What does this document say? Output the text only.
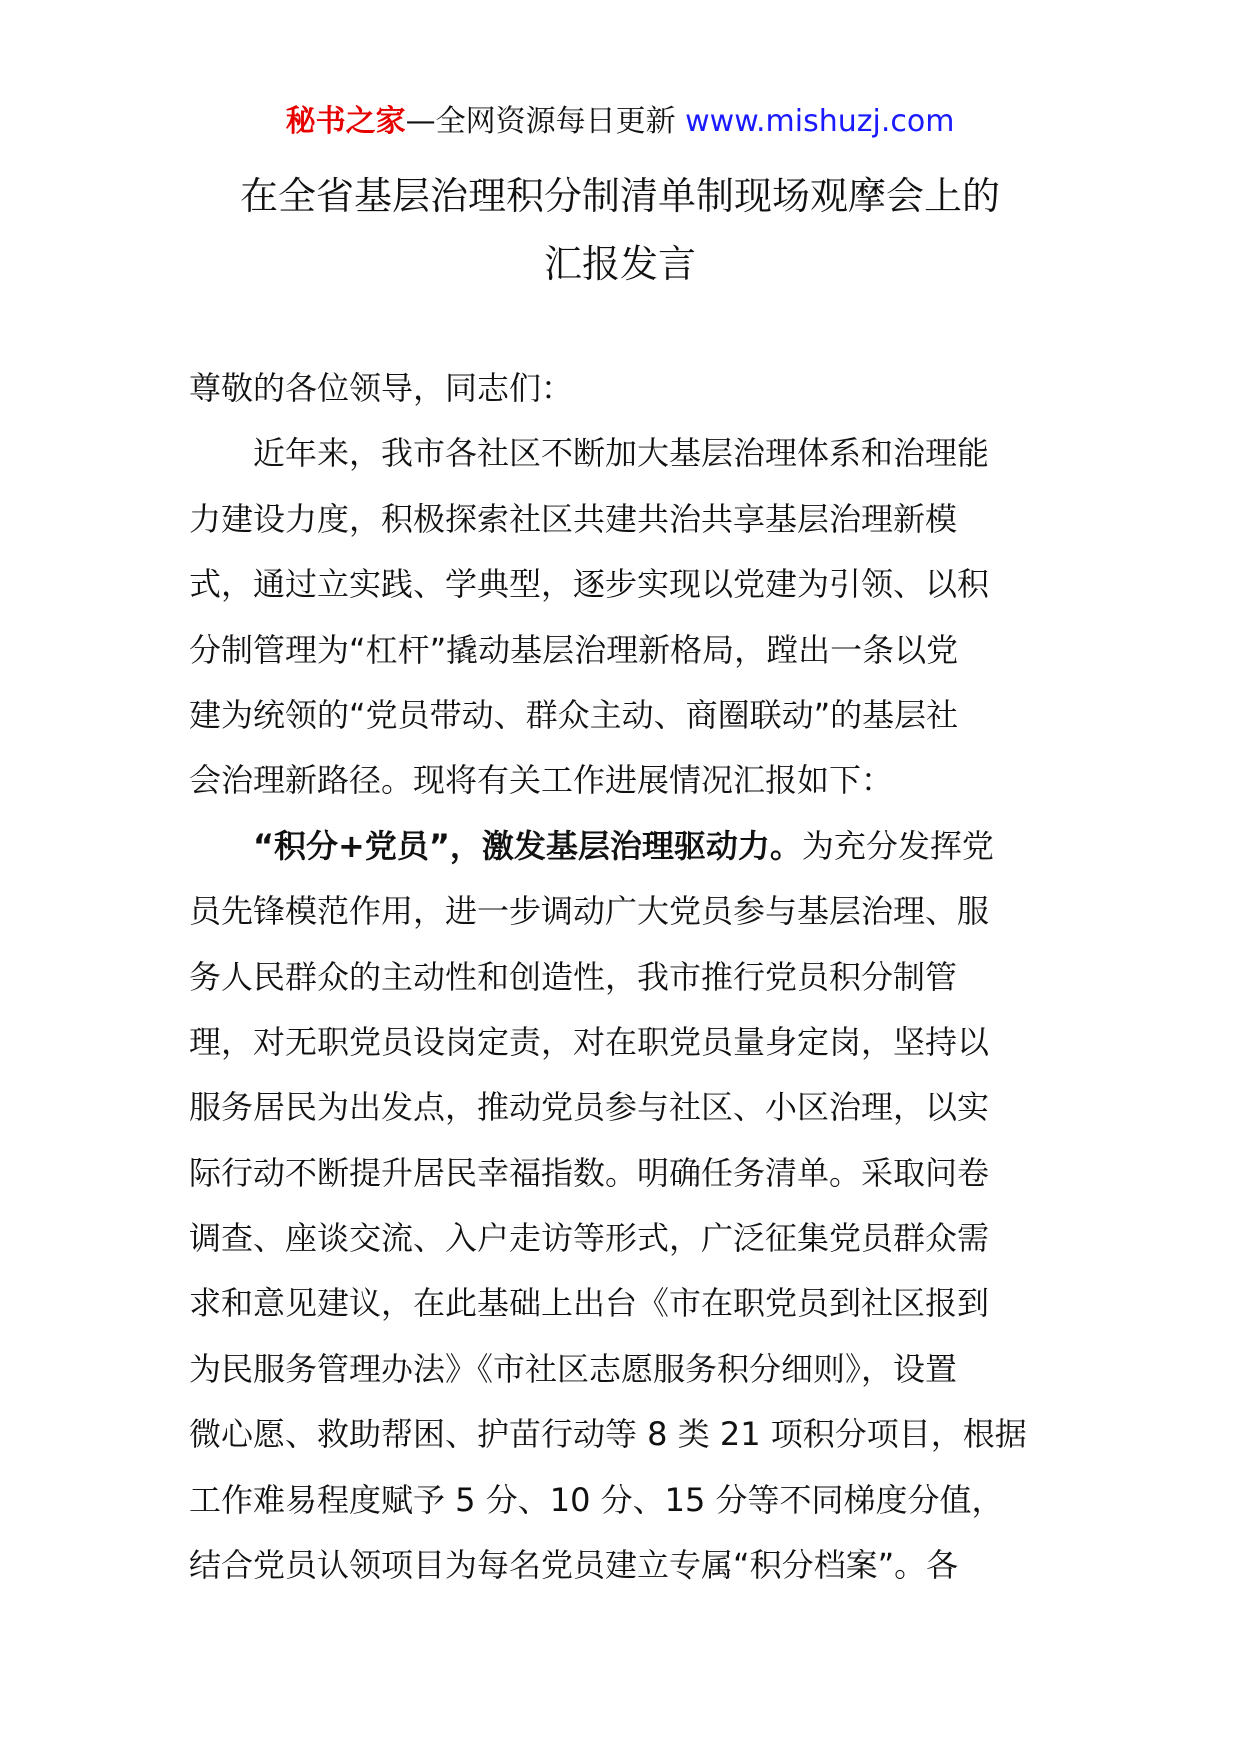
秘书之家—全网资源每日更新 www.mishuzj.com
在全省基层治理积分制清单制现场观摩会上的
汇报发言
尊敬的各位领导，同志们：
近年来，我市各社区不断加大基层治理体系和治理能
力建设力度，积极探索社区共建共治共享基层治理新模
式，通过立实践、学典型，逐步实现以党建为引领、以积
分制管理为“杠杆”撬动基层治理新格局，蹚出一条以党
建为统领的“党员带动、群众主动、商圈联动”的基层社
会治理新路径。现将有关工作进展情况汇报如下：
“积分+党员”，激发基层治理驱动力。为充分发挥党
员先锋模范作用，进一步调动广大党员参与基层治理、服
务人民群众的主动性和创造性，我市推行党员积分制管
理，对无职党员设岗定责，对在职党员量身定岗，坚持以
服务居民为出发点，推动党员参与社区、小区治理，以实
际行动不断提升居民幸福指数。明确任务清单。采取问卷
调查、座谈交流、入户走访等形式，广泛征集党员群众需
求和意见建议，在此基础上出台《市在职党员到社区报到
为民服务管理办法》《市社区志愿服务积分细则》，设置
微心愿、救助帮困、护苗行动等 8 类 21 项积分项目，根据
工作难易程度赋予 5 分、10 分、15 分等不同梯度分值，
结合党员认领项目为每名党员建立专属“积分档案”。各
